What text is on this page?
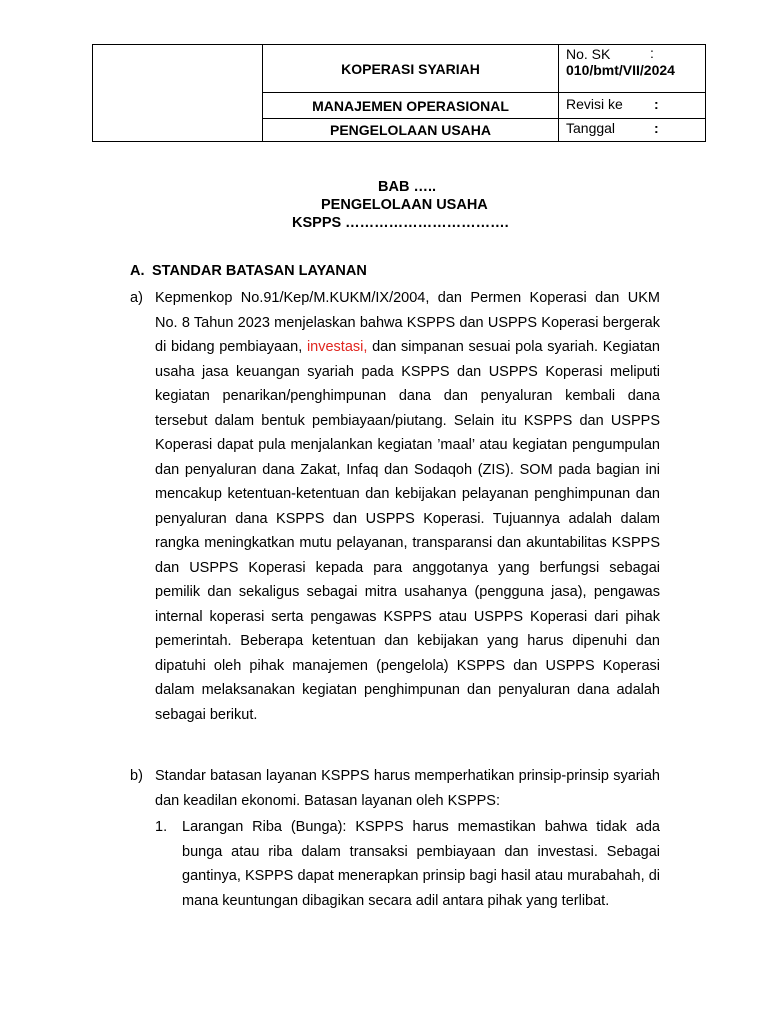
KOPERASI SYARIAH
MANAJEMEN OPERASIONAL
PENGELOLAAN USAHA
No. SK	:
010/bmt/VII/2024
Revisi ke :
Tanggal	:
BAB …..
PENGELOLAAN USAHA
KSPPS …………………………….
A. STANDAR BATASAN LAYANAN
a) Kepmenkop No.91/Kep/M.KUKM/IX/2004, dan Permen Koperasi dan UKM No. 8 Tahun 2023 menjelaskan bahwa KSPPS dan USPPS Koperasi bergerak di bidang pembiayaan, investasi, dan simpanan sesuai pola syariah. Kegiatan usaha jasa keuangan syariah pada KSPPS dan USPPS Koperasi meliputi kegiatan penarikan/penghimpunan dana dan penyaluran kembali dana tersebut dalam bentuk pembiayaan/piutang. Selain itu KSPPS dan USPPS Koperasi dapat pula menjalankan kegiatan ’maal’ atau kegiatan pengumpulan dan penyaluran dana Zakat, Infaq dan Sodaqoh (ZIS). SOM pada bagian ini mencakup ketentuan-ketentuan dan kebijakan pelayanan penghimpunan dan penyaluran dana KSPPS dan USPPS Koperasi. Tujuannya adalah dalam rangka meningkatkan mutu pelayanan, transparansi dan akuntabilitas KSPPS dan USPPS Koperasi kepada para anggotanya yang berfungsi sebagai pemilik dan sekaligus sebagai mitra usahanya (pengguna jasa), pengawas internal koperasi serta pengawas KSPPS atau USPPS Koperasi dari pihak pemerintah. Beberapa ketentuan dan kebijakan yang harus dipenuhi dan dipatuhi oleh pihak manajemen (pengelola) KSPPS dan USPPS Koperasi dalam melaksanakan kegiatan penghimpunan dan penyaluran dana adalah sebagai berikut.

b) Standar batasan layanan KSPPS harus memperhatikan prinsip-prinsip syariah dan keadilan ekonomi. Batasan layanan oleh KSPPS:

1. Larangan Riba (Bunga): KSPPS harus memastikan bahwa tidak ada bunga atau riba dalam transaksi pembiayaan dan investasi. Sebagai gantinya, KSPPS dapat menerapkan prinsip bagi hasil atau murabahah, di mana keuntungan dibagikan secara adil antara pihak yang terlibat.
